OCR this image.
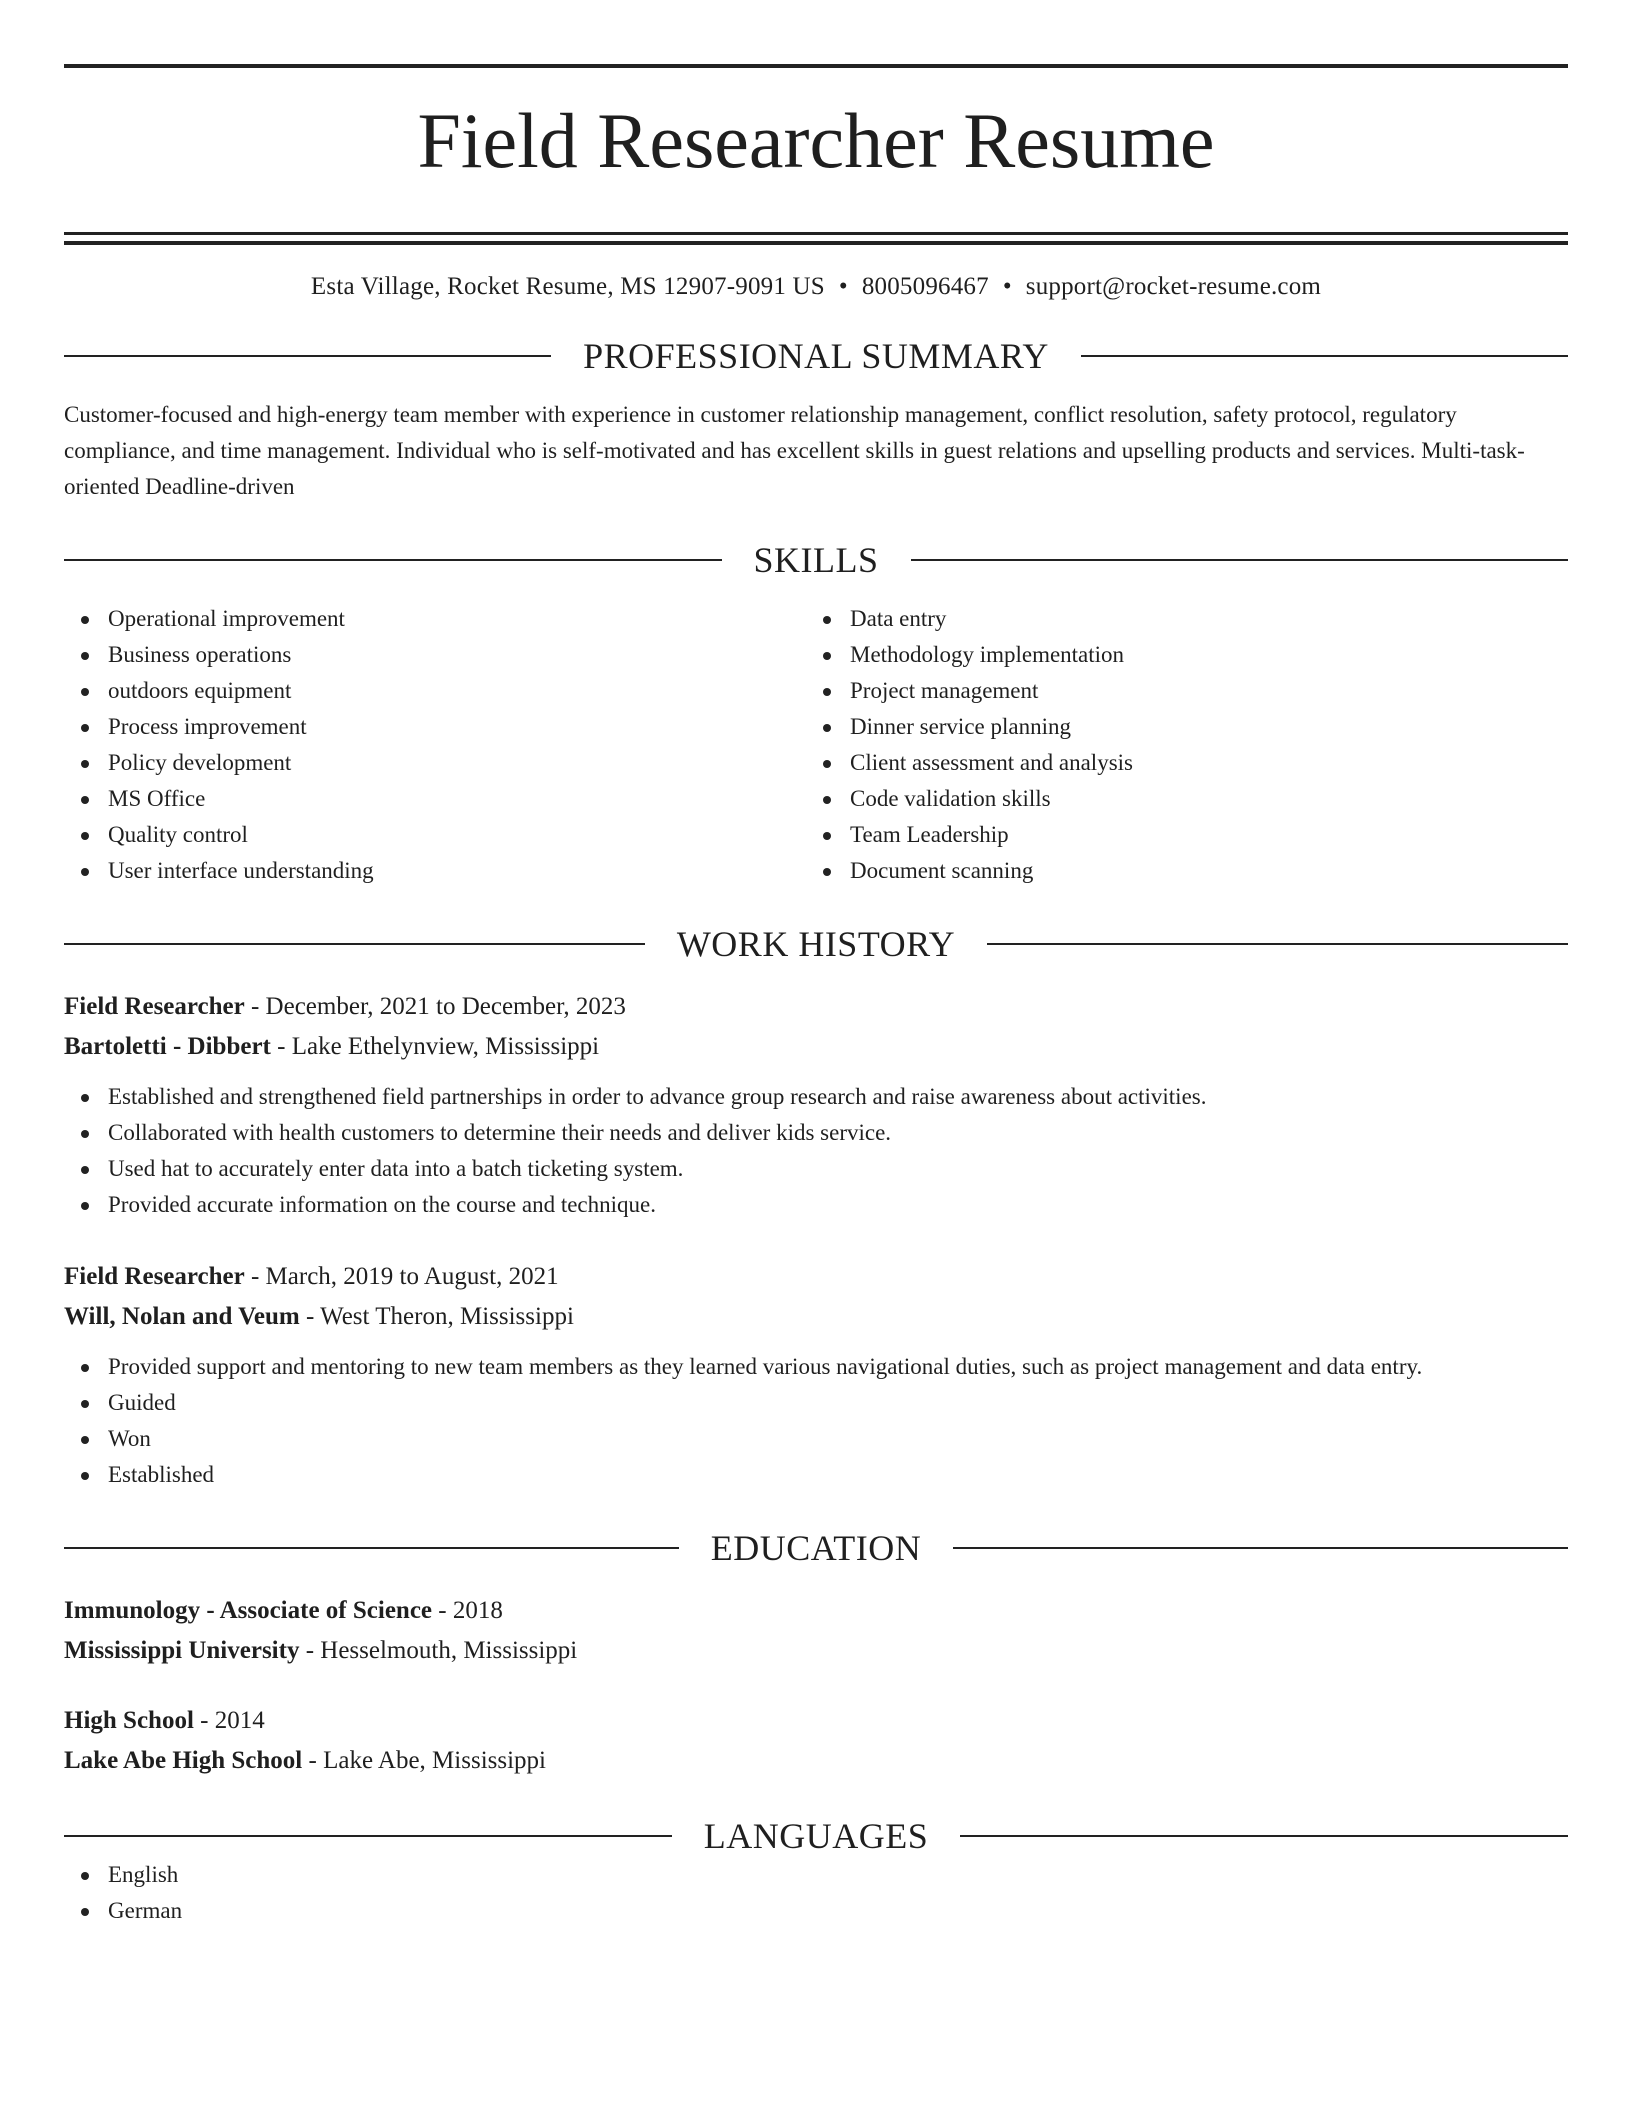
Field Researcher Resume
Esta Village, Rocket Resume, MS 12907-9091 US • 8005096467 • support@rocket-resume.com
PROFESSIONAL SUMMARY
Customer-focused and high-energy team member with experience in customer relationship management, conflict resolution, safety protocol, regulatory compliance, and time management. Individual who is self-motivated and has excellent skills in guest relations and upselling products and services. Multi-task-oriented Deadline-driven
SKILLS
Operational improvement
Business operations
outdoors equipment
Process improvement
Policy development
MS Office
Quality control
User interface understanding
Data entry
Methodology implementation
Project management
Dinner service planning
Client assessment and analysis
Code validation skills
Team Leadership
Document scanning
WORK HISTORY
Field Researcher - December, 2021 to December, 2023
Bartoletti - Dibbert - Lake Ethelynview, Mississippi
Established and strengthened field partnerships in order to advance group research and raise awareness about activities.
Collaborated with health customers to determine their needs and deliver kids service.
Used hat to accurately enter data into a batch ticketing system.
Provided accurate information on the course and technique.
Field Researcher - March, 2019 to August, 2021
Will, Nolan and Veum - West Theron, Mississippi
Provided support and mentoring to new team members as they learned various navigational duties, such as project management and data entry.
Guided
Won
Established
EDUCATION
Immunology - Associate of Science - 2018
Mississippi University - Hesselmouth, Mississippi
High School - 2014
Lake Abe High School - Lake Abe, Mississippi
LANGUAGES
English
German
